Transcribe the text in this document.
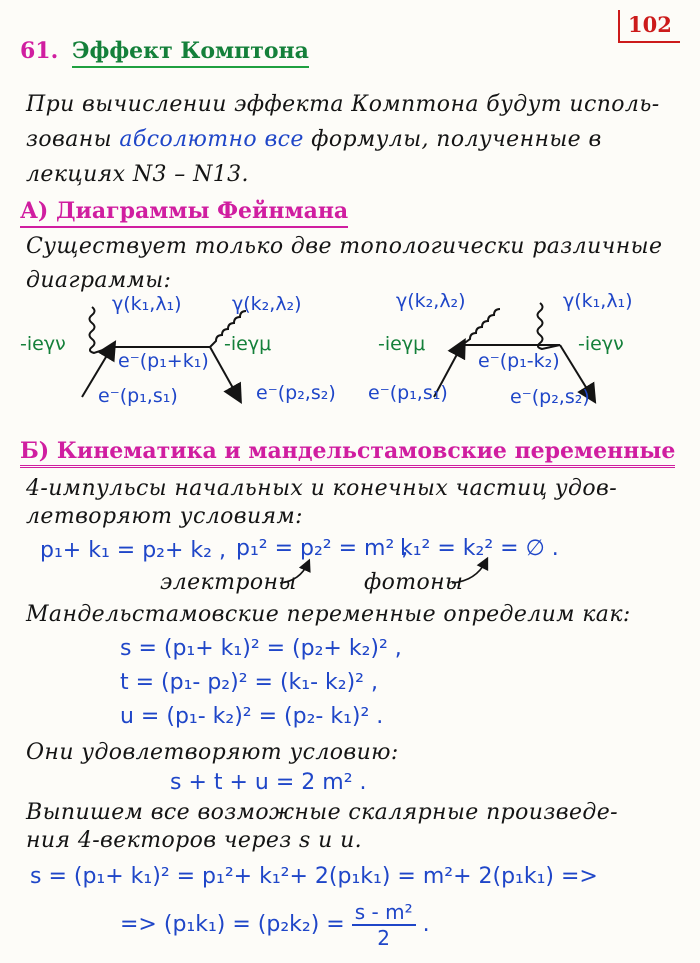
102
61. Эффект Комптона
При вычислении эффекта Комптона будут исполь-
зованы абсолютно все формулы, полученные в
лекциях N3 – N13.
А) Диаграммы Фейнмана
Существует только две топологически различные
диаграммы:
γ(k₁,λ₁)	γ(k₂,λ₂)
-ieγν	-ieγμ
e⁻(p₁+k₁)
e⁻(p₁,s₁)	e⁻(p₂,s₂)
γ(k₂,λ₂)	γ(k₁,λ₁)
-ieγμ	-ieγν
e⁻(p₁-k₂)
e⁻(p₁,s₁)	e⁻(p₂,s₂)
Б) Кинематика и мандельстамовские переменные
4-импульсы начальных и конечных частиц удов-
летворяют условиям:
p₁+ k₁ = p₂+ k₂ , p₁² = p₂² = m² ,
k₁² = k₂² = ∅ .
электроны	фотоны
Мандельстамовские переменные определим как:
s = (p₁+ k₁)² = (p₂+ k₂)² ,
t = (p₁- p₂)² = (k₁- k₂)² ,
u = (p₁- k₂)² = (p₂- k₁)² .
Они удовлетворяют условию:
s + t + u = 2 m² .
Выпишем все возможные скалярные произведе-
ния 4-векторов через s и u.
s = (p₁+ k₁)² = p₁²+ k₁²+ 2(p₁k₁) = m²+ 2(p₁k₁) =>
=> $(p_1k_1) = (p_2k_2) = \frac{\text{s - m²}}{2}$ .
